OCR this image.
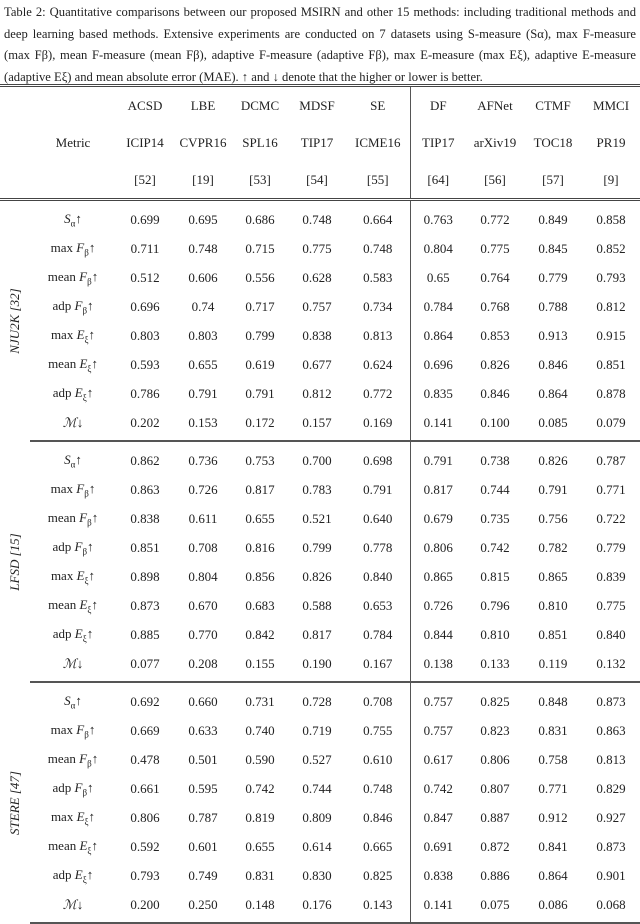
Table 2: Quantitative comparisons between our proposed MSIRN and other 15 methods: including traditional methods and deep learning based methods. Extensive experiments are conducted on 7 datasets using S-measure (Sα), max F-measure (max Fβ), mean F-measure (mean Fβ), adaptive F-measure (adaptive Fβ), max E-measure (max Eξ), adaptive E-measure (adaptive Eξ) and mean absolute error (MAE). ↑ and ↓ denote that the higher or lower is better.
		ACSD	LBE	DCMC	MDSF	SE	DF	AFNet	CTMF	MMCI
	Metric	ICIP14	CVPR16	SPL16	TIP17	ICME16	TIP17	arXiv19	TOC18	PR19
		[52]	[19]	[53]	[54]	[55]	[64]	[56]	[57]	[9]

NJU2K [32]	$S_\alpha↑$	0.699	0.695	0.686	0.748	0.664	0.763	0.772	0.849	0.858
	$\max F_\beta↑$	0.711	0.748	0.715	0.775	0.748	0.804	0.775	0.845	0.852
	mean $F_\beta↑$	0.512	0.606	0.556	0.628	0.583	0.65	0.764	0.779	0.793
	adp $F_\beta↑$	0.696	0.74	0.717	0.757	0.734	0.784	0.768	0.788	0.812
	$\max E_\xi↑$	0.803	0.803	0.799	0.838	0.813	0.864	0.853	0.913	0.915
	mean $E_\xi↑$	0.593	0.655	0.619	0.677	0.624	0.696	0.826	0.846	0.851
	adp $E_\xi↑$	0.786	0.791	0.791	0.812	0.772	0.835	0.846	0.864	0.878
	ℳ↓	0.202	0.153	0.172	0.157	0.169	0.141	0.100	0.085	0.079

LFSD [15]	$S_\alpha↑$	0.862	0.736	0.753	0.700	0.698	0.791	0.738	0.826	0.787
	$\max F_\beta↑$	0.863	0.726	0.817	0.783	0.791	0.817	0.744	0.791	0.771
	mean $F_\beta↑$	0.838	0.611	0.655	0.521	0.640	0.679	0.735	0.756	0.722
	adp $F_\beta↑$	0.851	0.708	0.816	0.799	0.778	0.806	0.742	0.782	0.779
	$\max E_\xi↑$	0.898	0.804	0.856	0.826	0.840	0.865	0.815	0.865	0.839
	mean $E_\xi↑$	0.873	0.670	0.683	0.588	0.653	0.726	0.796	0.810	0.775
	adp $E_\xi↑$	0.885	0.770	0.842	0.817	0.784	0.844	0.810	0.851	0.840
	ℳ↓	0.077	0.208	0.155	0.190	0.167	0.138	0.133	0.119	0.132

STERE [47]	$S_\alpha↑$	0.692	0.660	0.731	0.728	0.708	0.757	0.825	0.848	0.873
	$\max F_\beta↑$	0.669	0.633	0.740	0.719	0.755	0.757	0.823	0.831	0.863
	mean $F_\beta↑$	0.478	0.501	0.590	0.527	0.610	0.617	0.806	0.758	0.813
	adp $F_\beta↑$	0.661	0.595	0.742	0.744	0.748	0.742	0.807	0.771	0.829
	$\max E_\xi↑$	0.806	0.787	0.819	0.809	0.846	0.847	0.887	0.912	0.927
	mean $E_\xi↑$	0.592	0.601	0.655	0.614	0.665	0.691	0.872	0.841	0.873
	adp $E_\xi↑$	0.793	0.749	0.831	0.830	0.825	0.838	0.886	0.864	0.901
	ℳ↓	0.200	0.250	0.148	0.176	0.143	0.141	0.075	0.086	0.068
